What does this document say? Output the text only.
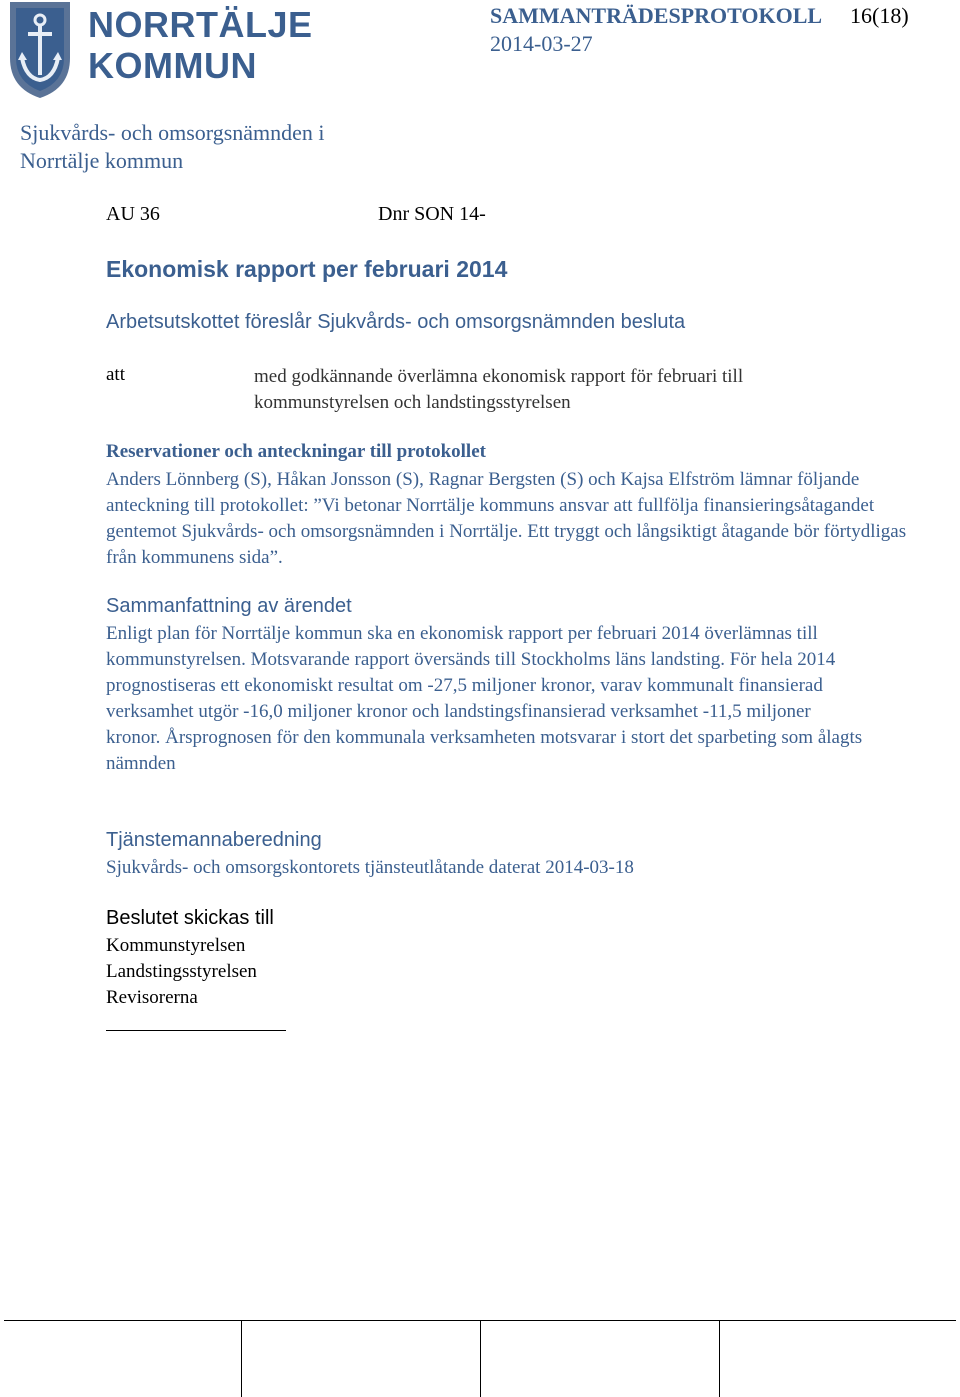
NORRTÄLJE
KOMMUN
SAMMANTRÄDESPROTOKOLL 16(18)
2014-03-27
Sjukvårds- och omsorgsnämnden i
Norrtälje kommun
AU 36	Dnr SON 14-
Ekonomisk rapport per februari 2014
Arbetsutskottet föreslår Sjukvårds- och omsorgsnämnden besluta
att	med godkännande överlämna ekonomisk rapport för februari till kommunstyrelsen och landstingsstyrelsen
Reservationer och anteckningar till protokollet
Anders Lönnberg (S), Håkan Jonsson (S), Ragnar Bergsten (S) och Kajsa Elfström lämnar följande anteckning till protokollet: ”Vi betonar Norrtälje kommuns ansvar att fullfölja finansieringsåtagandet gentemot Sjukvårds- och omsorgsnämnden i Norrtälje. Ett tryggt och långsiktigt åtagande bör förtydligas från kommunens sida”.
Sammanfattning av ärendet
Enligt plan för Norrtälje kommun ska en ekonomisk rapport per februari 2014 överlämnas till kommunstyrelsen. Motsvarande rapport översänds till Stockholms läns landsting. För hela 2014 prognostiseras ett ekonomiskt resultat om -27,5 miljoner kronor, varav kommunalt finansierad verksamhet utgör -16,0 miljoner kronor och landstingsfinansierad verksamhet -11,5 miljoner kronor. Årsprognosen för den kommunala verksamheten motsvarar i stort det sparbeting som ålagts nämnden
Tjänstemannaberedning
Sjukvårds- och omsorgskontorets tjänsteutlåtande daterat 2014-03-18
Beslutet skickas till
Kommunstyrelsen
Landstingsstyrelsen
Revisorerna
